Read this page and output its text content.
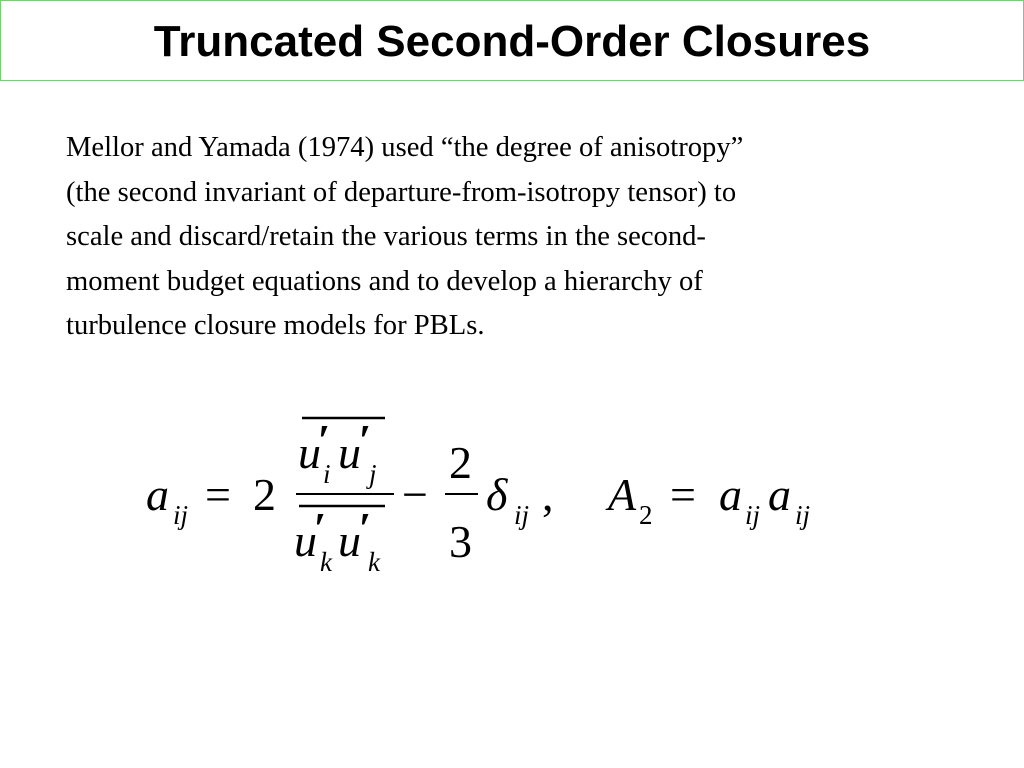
Truncated Second-Order Closures
Mellor and Yamada (1974) used “the degree of anisotropy”
(the second invariant of departure-from-isotropy tensor) to
scale and discard/retain the various terms in the second-
moment budget equations and to develop a hierarchy of
turbulence closure models for PBLs.
a ij = 2
u
′
i u
′
j
u
′
k u
′
k
−
2
3
δ ij , A 2 = a ij a ij
